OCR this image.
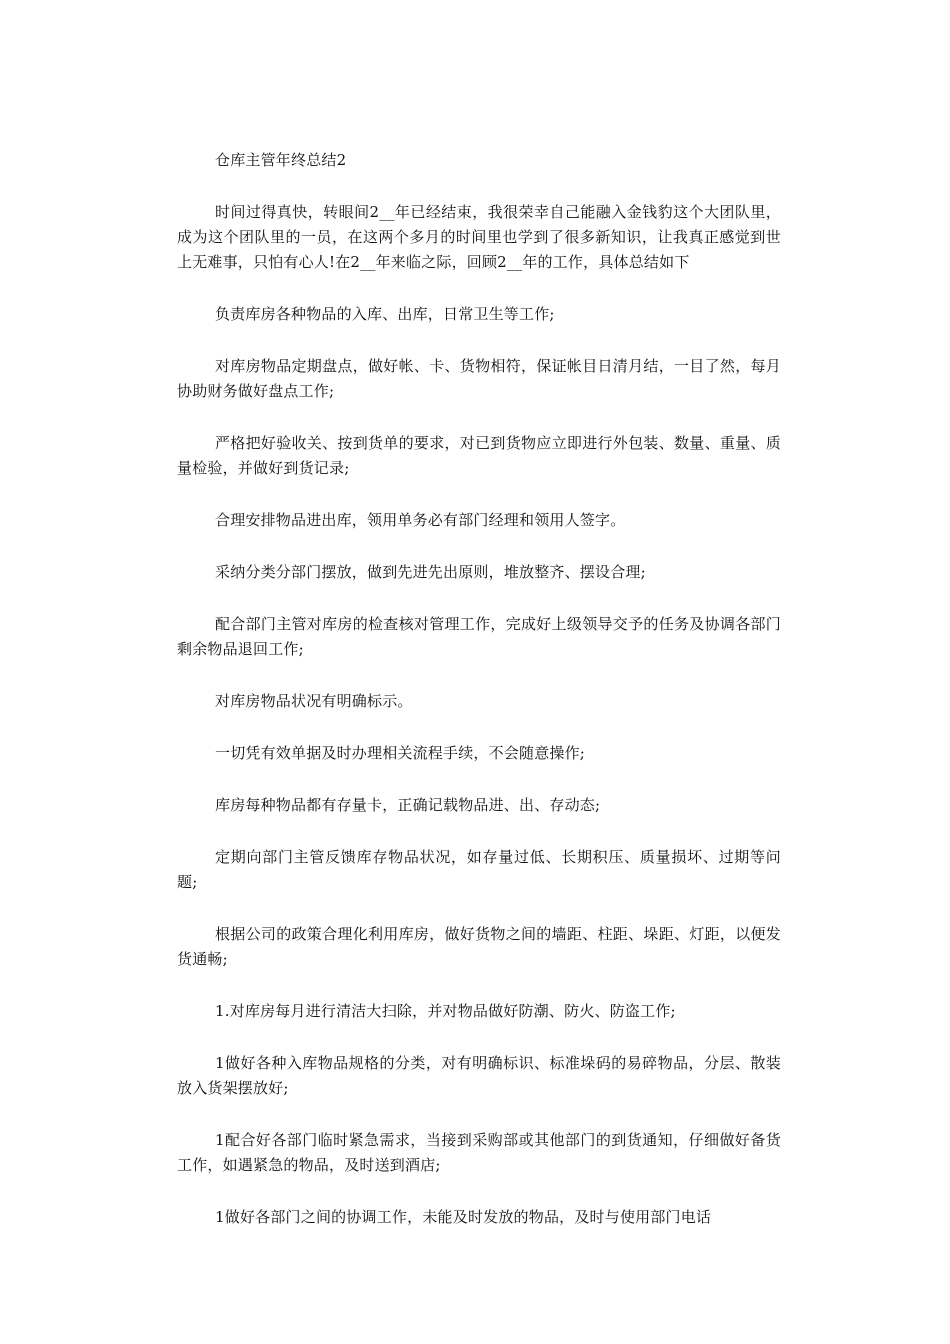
仓库主管年终总结2

时间过得真快，转眼间2__年已经结束，我很荣幸自己能融入金钱豹这个大团队里，成为这个团队里的一员，在这两个多月的时间里也学到了很多新知识，让我真正感觉到世上无难事，只怕有心人!在2__年来临之际，回顾2__年的工作，具体总结如下

负责库房各种物品的入库、出库，日常卫生等工作;

对库房物品定期盘点，做好帐、卡、货物相符，保证帐目日清月结，一目了然，每月协助财务做好盘点工作;

严格把好验收关、按到货单的要求，对已到货物应立即进行外包装、数量、重量、质量检验，并做好到货记录;

合理安排物品进出库，领用单务必有部门经理和领用人签字。

采纳分类分部门摆放，做到先进先出原则，堆放整齐、摆设合理;

配合部门主管对库房的检查核对管理工作，完成好上级领导交予的任务及协调各部门剩余物品退回工作;

对库房物品状况有明确标示。

一切凭有效单据及时办理相关流程手续，不会随意操作;

库房每种物品都有存量卡，正确记载物品进、出、存动态;

定期向部门主管反馈库存物品状况，如存量过低、长期积压、质量损坏、过期等问题;

根据公司的政策合理化利用库房，做好货物之间的墙距、柱距、垛距、灯距，以便发货通畅;

1.对库房每月进行清洁大扫除，并对物品做好防潮、防火、防盗工作;

1做好各种入库物品规格的分类，对有明确标识、标准垛码的易碎物品，分层、散装放入货架摆放好;

1配合好各部门临时紧急需求，当接到采购部或其他部门的到货通知，仔细做好备货工作，如遇紧急的物品，及时送到酒店;

1做好各部门之间的协调工作，未能及时发放的物品，及时与使用部门电话
